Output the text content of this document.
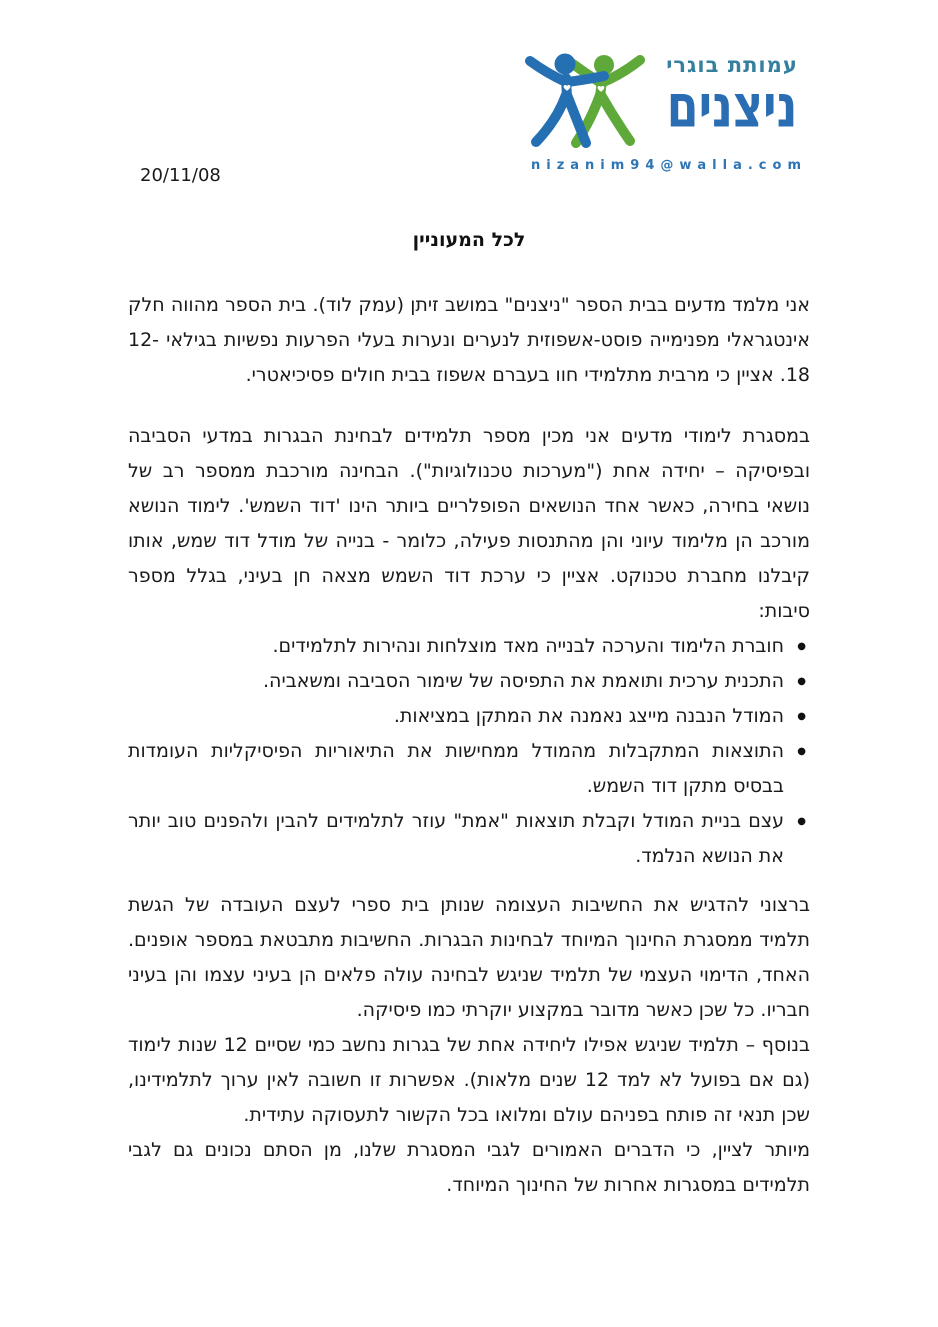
עמותת בוגרי
ניצנים
nizanim94@walla.com
20/11/08
לכל המעוניין

אני מלמד מדעים בבית הספר "ניצנים" במושב זיתן (עמק לוד). בית הספר מהווה חלק אינטגראלי מפנימייה פוסט-אשפוזית לנערים ונערות בעלי הפרעות נפשיות בגילאי 12-18. אציין כי מרבית מתלמידי חוו בעברם אשפוז בבית חולים פסיכיאטרי.

במסגרת לימודי מדעים אני מכין מספר תלמידים לבחינת הבגרות במדעי הסביבה ובפיסיקה – יחידה אחת ("מערכות טכנולוגיות"). הבחינה מורכבת ממספר רב של נושאי בחירה, כאשר אחד הנושאים הפופלריים ביותר הינו 'דוד השמש'. לימוד הנושא מורכב הן מלימוד עיוני והן מהתנסות פעילה, כלומר - בנייה של מודל דוד שמש, אותו קיבלנו מחברת טכנוקט. אציין כי ערכת דוד השמש מצאה חן בעיני, בגלל מספר סיבות:

● חוברת הלימוד והערכה לבנייה מאד מוצלחות ונהירות לתלמידים.
● התכנית ערכית ותואמת את התפיסה של שימור הסביבה ומשאביה.
● המודל הנבנה מייצג נאמנה את המתקן במציאות.
● התוצאות המתקבלות מהמודל ממחישות את התיאוריות הפיסיקליות העומדות בבסיס מתקן דוד השמש.
● עצם בניית המודל וקבלת תוצאות "אמת" עוזר לתלמידים להבין ולהפנים טוב יותר את הנושא הנלמד.

ברצוני להדגיש את החשיבות העצומה שנותן בית ספרי לעצם העובדה של הגשת תלמיד ממסגרת החינוך המיוחד לבחינות הבגרות. החשיבות מתבטאת במספר אופנים. האחד, הדימוי העצמי של תלמיד שניגש לבחינה עולה פלאים הן בעיני עצמו והן בעיני חבריו. כל שכן כאשר מדובר במקצוע יוקרתי כמו פיסיקה.

בנוסף – תלמיד שניגש אפילו ליחידה אחת של בגרות נחשב כמי שסיים 12 שנות לימוד (גם אם בפועל לא למד 12 שנים מלאות). אפשרות זו חשובה לאין ערוך לתלמידינו, שכן תנאי זה פותח בפניהם עולם ומלואו בכל הקשור לתעסוקה עתידית.

מיותר לציין, כי הדברים האמורים לגבי המסגרת שלנו, מן הסתם נכונים גם לגבי תלמידים במסגרות אחרות של החינוך המיוחד.
